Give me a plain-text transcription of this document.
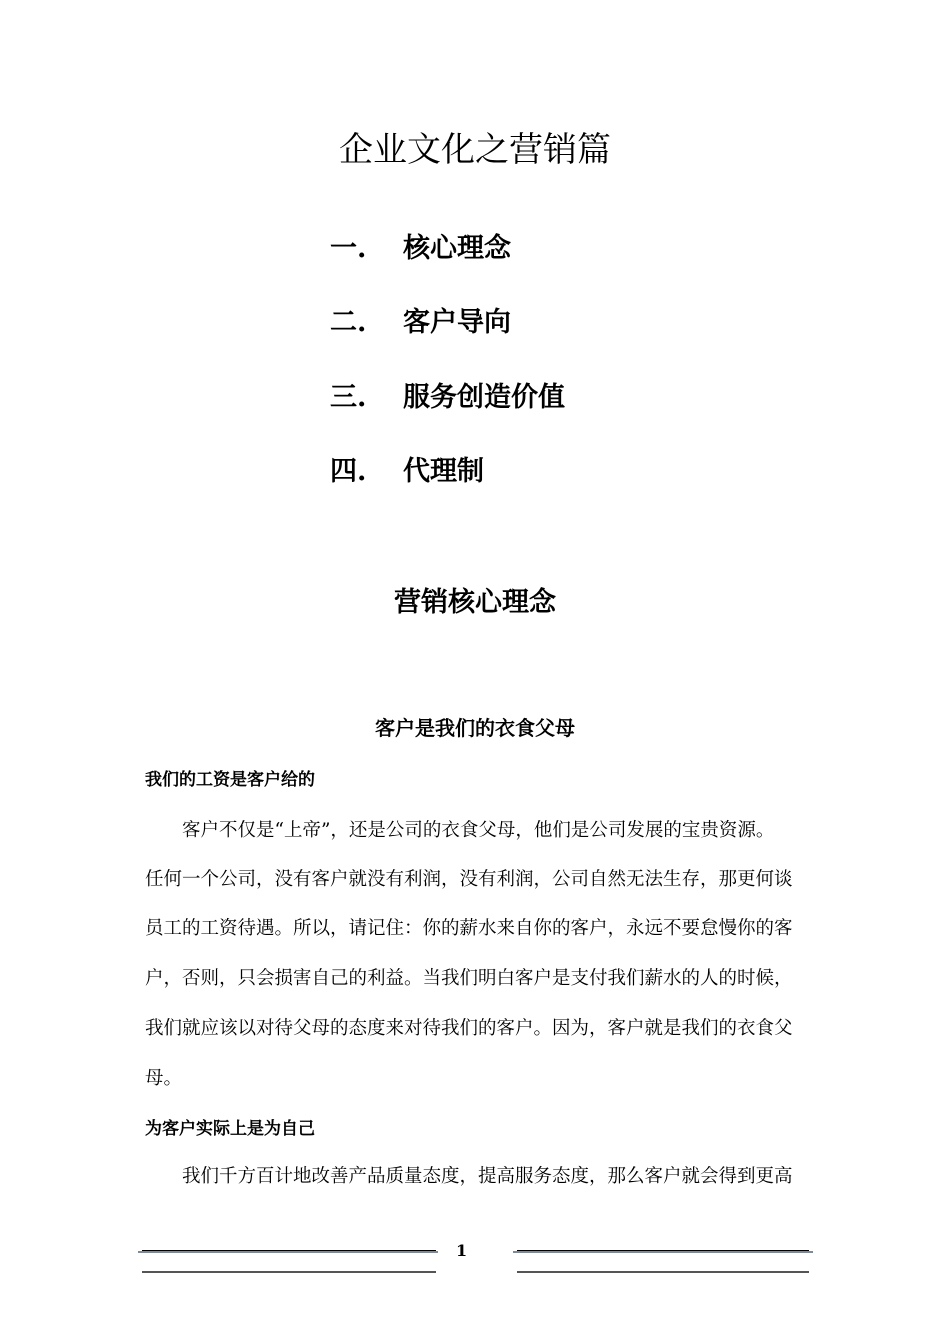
企业文化之营销篇
一. 核心理念
二. 客户导向
三. 服务创造价值
四. 代理制
营销核心理念
客户是我们的衣食父母
我们的工资是客户给的
　　客户不仅是“上帝”，还是公司的衣食父母，他们是公司发展的宝贵资源。
任何一个公司，没有客户就没有利润，没有利润，公司自然无法生存，那更何谈
员工的工资待遇。所以，请记住：你的薪水来自你的客户，永远不要怠慢你的客
户，否则，只会损害自己的利益。当我们明白客户是支付我们薪水的人的时候，
我们就应该以对待父母的态度来对待我们的客户。因为，客户就是我们的衣食父
母。
为客户实际上是为自己
　　我们千方百计地改善产品质量态度，提高服务态度，那么客户就会得到更高
1
